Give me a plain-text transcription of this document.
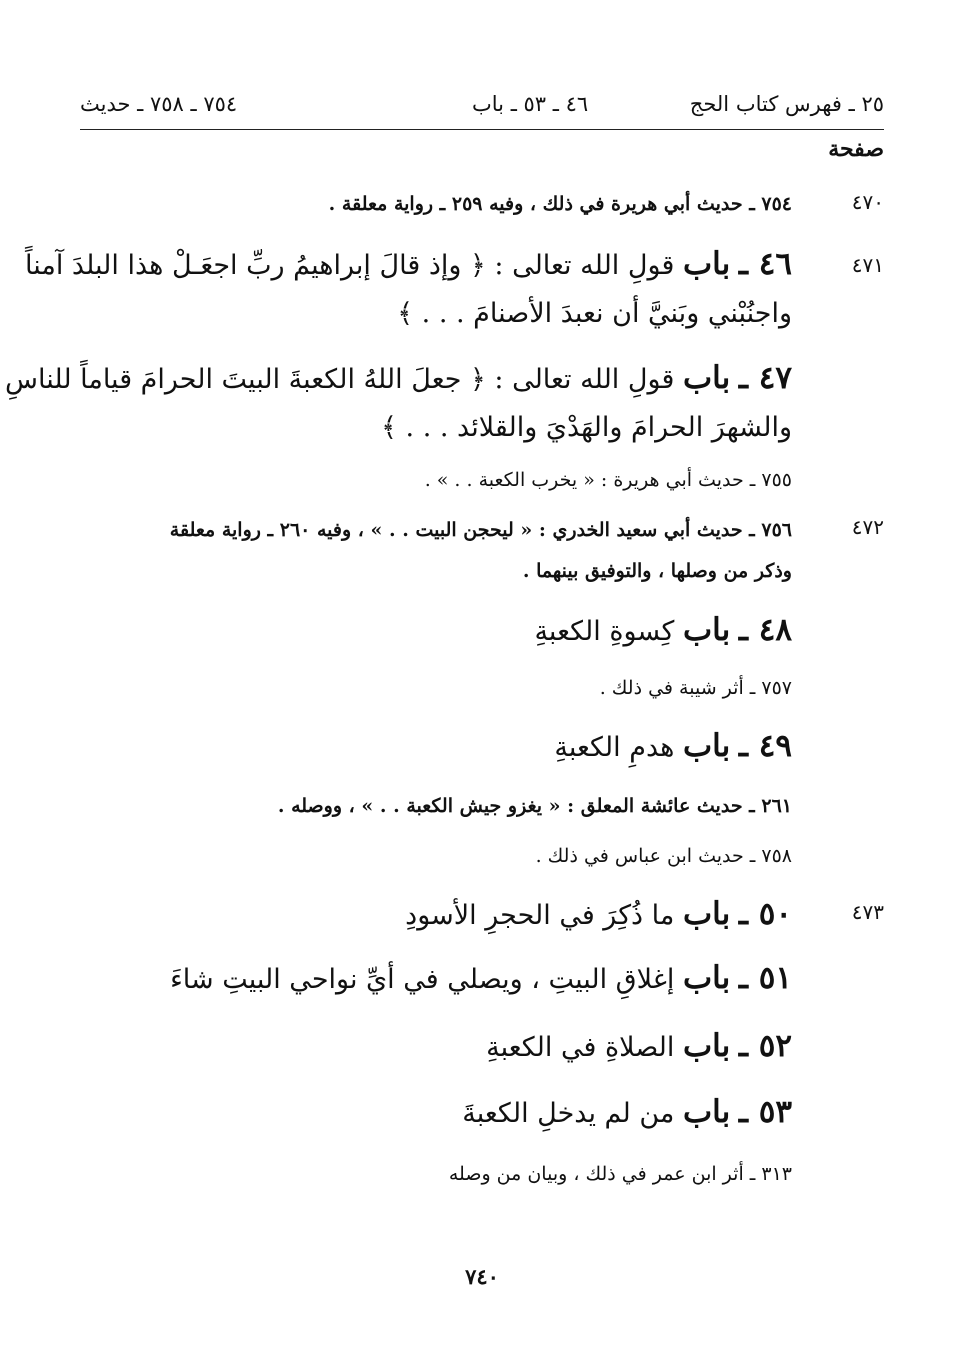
٢٥ ـ فهرس كتاب الحج
٤٦ ـ ٥٣ ـ باب
٧٥٤ ـ ٧٥٨ ـ حديث
صفحة
٤٧٠
٤٧١
٤٧٢
٤٧٣
٧٥٤ ـ حديث أبي هريرة في ذلك ، وفيه ٢٥٩ ـ رواية معلقة .
٤٦ ـ باب قولِ الله تعالى : ﴿ وإذ قالَ إبراهيمُ ربِّ اجعَـلْ هذا البلدَ آمناً
واجنُبْني وبَنيَّ أن نعبدَ الأصنامَ . . . ﴾
٤٧ ـ باب قولِ الله تعالى : ﴿ جعلَ اللهُ الكعبةَ البيتَ الحرامَ قياماً للناسِ
والشهرَ الحرامَ والهَدْيَ والقلائد . . . ﴾
٧٥٥ ـ حديث أبي هريرة : « يخرب الكعبة . . » .
٧٥٦ ـ حديث أبي سعيد الخدري : « ليحجن البيت . . » ، وفيه ٢٦٠ ـ رواية معلقة
وذكر من وصلها ، والتوفيق بينهما .
٤٨ ـ باب كِسوةِ الكعبةِ
٧٥٧ ـ أثر شيبة في ذلك .
٤٩ ـ باب هدمِ الكعبةِ
٢٦١ ـ حديث عائشة المعلق : « يغزو جيش الكعبة . . » ، ووصله .
٧٥٨ ـ حديث ابن عباس في ذلك .
٥٠ ـ باب ما ذُكِرَ في الحجرِ الأسودِ
٥١ ـ باب إغلاقِ البيتِ ، ويصلي في أيِّ نواحي البيتِ شاءَ
٥٢ ـ باب الصلاةِ في الكعبةِ
٥٣ ـ باب من لم يدخلِ الكعبةَ
٣١٣ ـ أثر ابن عمر في ذلك ، وبيان من وصله
٧٤٠
